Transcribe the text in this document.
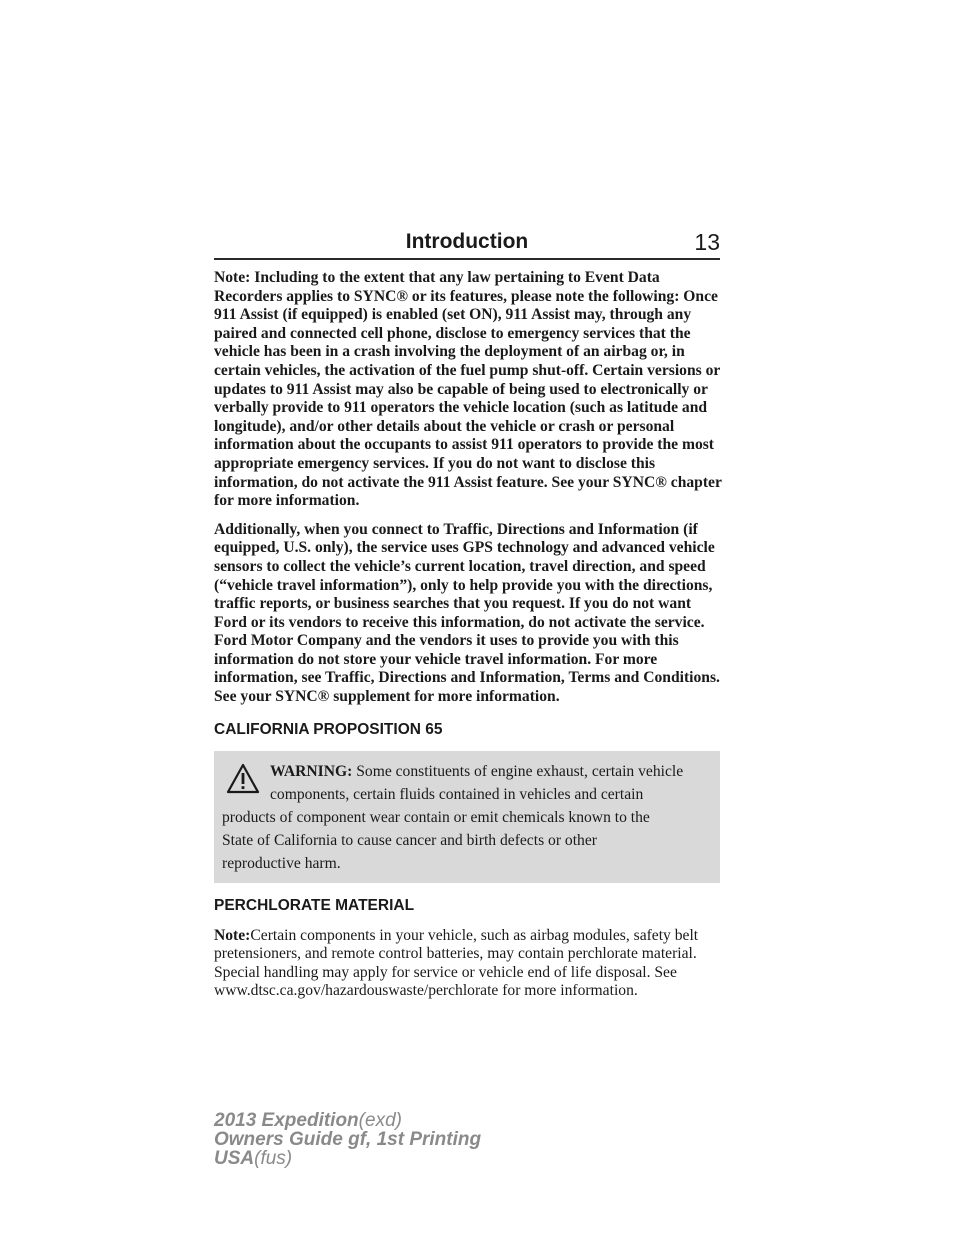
Introduction	13

Note: Including to the extent that any law pertaining to Event Data Recorders applies to SYNC® or its features, please note the following: Once 911 Assist (if equipped) is enabled (set ON), 911 Assist may, through any paired and connected cell phone, disclose to emergency services that the vehicle has been in a crash involving the deployment of an airbag or, in certain vehicles, the activation of the fuel pump shut-off. Certain versions or updates to 911 Assist may also be capable of being used to electronically or verbally provide to 911 operators the vehicle location (such as latitude and longitude), and/or other details about the vehicle or crash or personal information about the occupants to assist 911 operators to provide the most appropriate emergency services. If you do not want to disclose this information, do not activate the 911 Assist feature. See your SYNC® chapter for more information.

Additionally, when you connect to Traffic, Directions and Information (if equipped, U.S. only), the service uses GPS technology and advanced vehicle sensors to collect the vehicle’s current location, travel direction, and speed (“vehicle travel information”), only to help provide you with the directions, traffic reports, or business searches that you request. If you do not want Ford or its vendors to receive this information, do not activate the service. Ford Motor Company and the vendors it uses to provide you with this information do not store your vehicle travel information. For more information, see Traffic, Directions and Information, Terms and Conditions. See your SYNC® supplement for more information.

CALIFORNIA PROPOSITION 65
WARNING: Some constituents of engine exhaust, certain vehicle
components, certain fluids contained in vehicles and certain
products of component wear contain or emit chemicals known to the
State of California to cause cancer and birth defects or other
reproductive harm.
PERCHLORATE MATERIAL

Note:Certain components in your vehicle, such as airbag modules, safety belt pretensioners, and remote control batteries, may contain perchlorate material. Special handling may apply for service or vehicle end of life disposal. See www.dtsc.ca.gov/hazardouswaste/perchlorate for more information.

2013 Expedition(exd)
Owners Guide gf, 1st Printing
USA(fus)
